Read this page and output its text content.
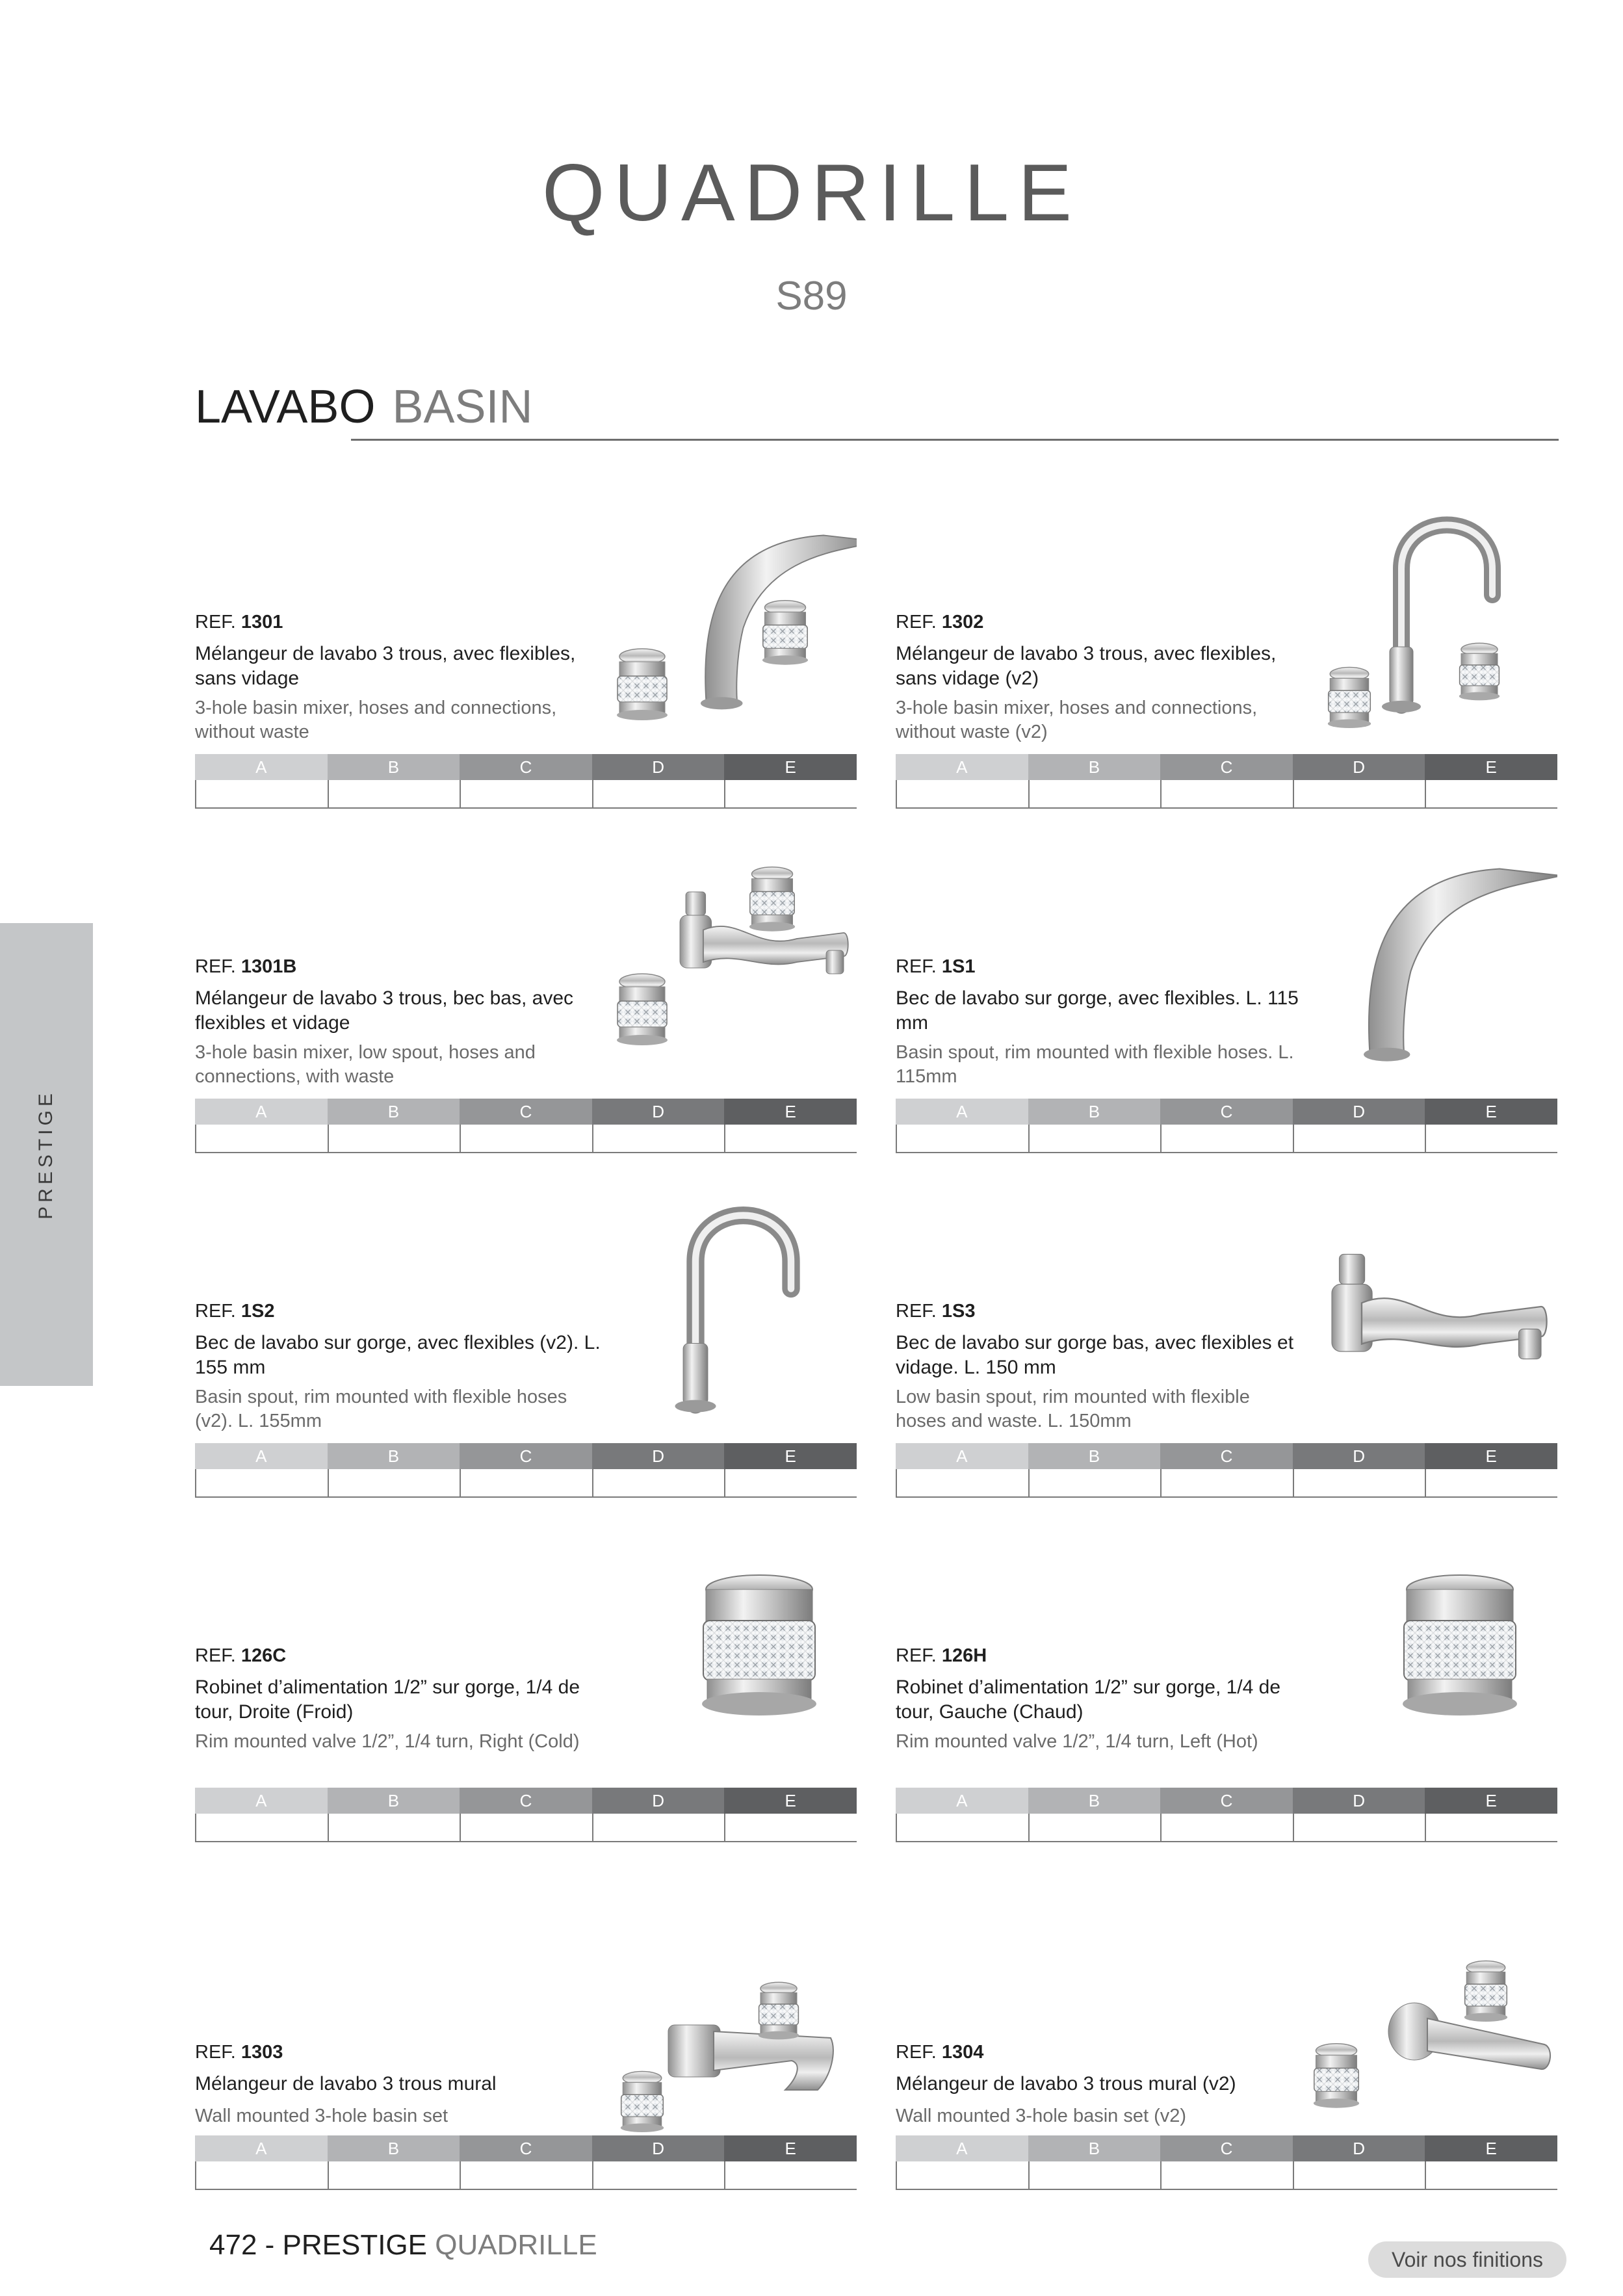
QUADRILLE
S89
LAVABO BASIN
PRESTIGE
REF. 1301
Mélangeur de lavabo 3 trous, avec flexibles, sans vidage
3-hole basin mixer, hoses and connections, without waste
A	B	C	D	E
REF. 1302
Mélangeur de lavabo 3 trous, avec flexibles, sans vidage (v2)
3-hole basin mixer, hoses and connections, without waste (v2)
A	B	C	D	E
REF. 1301B
Mélangeur de lavabo 3 trous, bec bas, avec flexibles et vidage
3-hole basin mixer, low spout, hoses and connections, with waste
A	B	C	D	E
REF. 1S1
Bec de lavabo sur gorge, avec flexibles. L. 115 mm
Basin spout, rim mounted with flexible hoses. L. 115mm
A	B	C	D	E
REF. 1S2
Bec de lavabo sur gorge, avec flexibles (v2). L. 155 mm
Basin spout, rim mounted with flexible hoses (v2). L. 155mm
A	B	C	D	E
REF. 1S3
Bec de lavabo sur gorge bas, avec flexibles et vidage. L. 150 mm
Low basin spout, rim mounted with flexible hoses and waste. L. 150mm
A	B	C	D	E
REF. 126C
Robinet d’alimentation 1/2” sur gorge, 1/4 de tour, Droite (Froid)
Rim mounted valve 1/2”, 1/4 turn, Right (Cold)
A	B	C	D	E
REF. 126H
Robinet d’alimentation 1/2” sur gorge, 1/4 de tour, Gauche (Chaud)
Rim mounted valve 1/2”, 1/4 turn, Left (Hot)
A	B	C	D	E
REF. 1303
Mélangeur de lavabo 3 trous mural
Wall mounted 3-hole basin set
A	B	C	D	E
REF. 1304
Mélangeur de lavabo 3 trous mural (v2)
Wall mounted 3-hole basin set (v2)
A	B	C	D	E
472 - PRESTIGE QUADRILLE	Voir nos finitions
